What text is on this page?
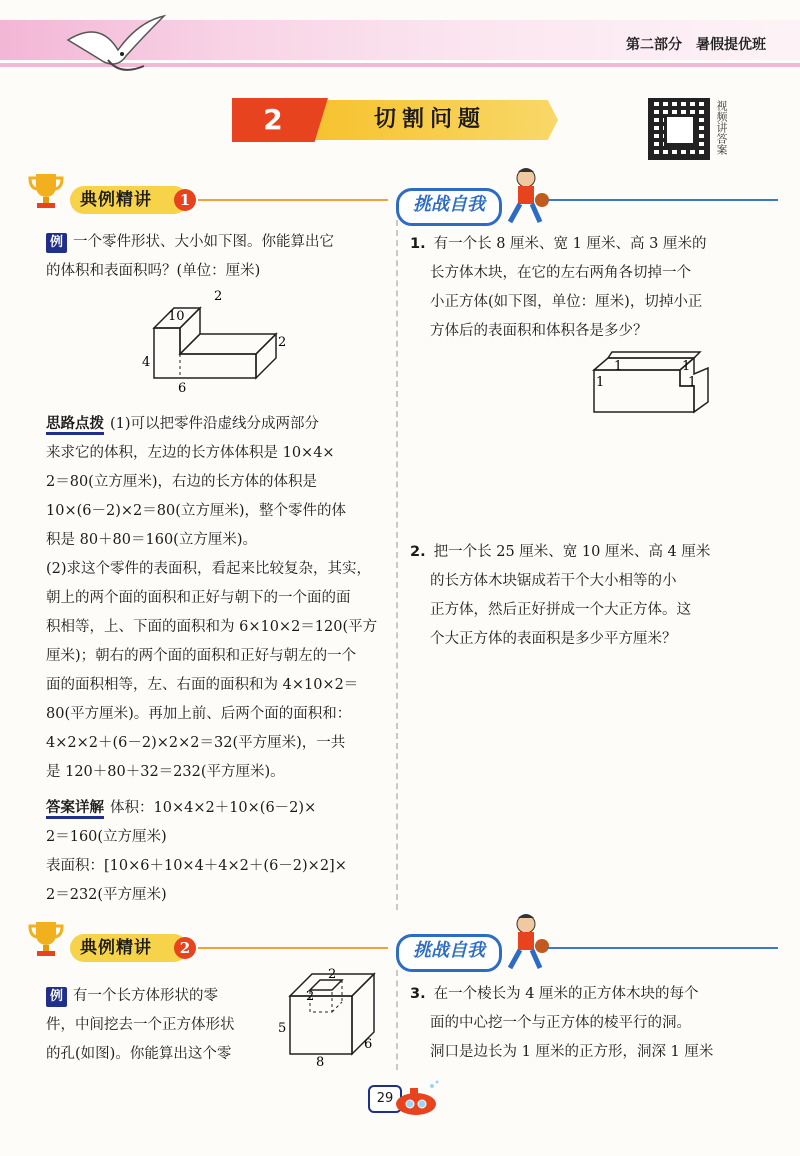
第二部分　暑假提优班
2	切割问题	视频讲答案
典例精讲	1
例 一个零件形状、大小如下图。你能算出它
的体积和表面积吗？(单位：厘米)
2
10
2
4
6
思路点拨 (1)可以把零件沿虚线分成两部分
来求它的体积，左边的长方体体积是 10×4×
2＝80(立方厘米)，右边的长方体的体积是
10×(6－2)×2＝80(立方厘米)，整个零件的体
积是 80＋80＝160(立方厘米)。
(2)求这个零件的表面积，看起来比较复杂，其实，
朝上的两个面的面积和正好与朝下的一个面的面
积相等，上、下面的面积和为 6×10×2＝120(平方
厘米)；朝右的两个面的面积和正好与朝左的一个
面的面积相等，左、右面的面积和为 4×10×2＝
80(平方厘米)。再加上前、后两个面的面积和：
4×2×2＋(6－2)×2×2＝32(平方厘米)，一共
是 120＋80＋32＝232(平方厘米)。
答案详解 体积：10×4×2＋10×(6－2)×
2＝160(立方厘米)
表面积：[10×6＋10×4＋4×2＋(6－2)×2]×
2＝232(平方厘米)
挑战自我
1. 有一个长 8 厘米、宽 1 厘米、高 3 厘米的
长方体木块，在它的左右两角各切掉一个
小正方体(如下图，单位：厘米)，切掉小正
方体后的表面积和体积各是多少？
1
1	1
1
2. 把一个长 25 厘米、宽 10 厘米、高 4 厘米
的长方体木块锯成若干个大小相等的小
正方体，然后正好拼成一个大正方体。这
个大正方体的表面积是多少平方厘米？
典例精讲	2
例 有一个长方体形状的零
件，中间挖去一个正方体形状
的孔(如图)。你能算出这个零
2
2
5
6
8
挑战自我
3. 在一个棱长为 4 厘米的正方体木块的每个
面的中心挖一个与正方体的棱平行的洞。
洞口是边长为 1 厘米的正方形，洞深 1 厘米
29
